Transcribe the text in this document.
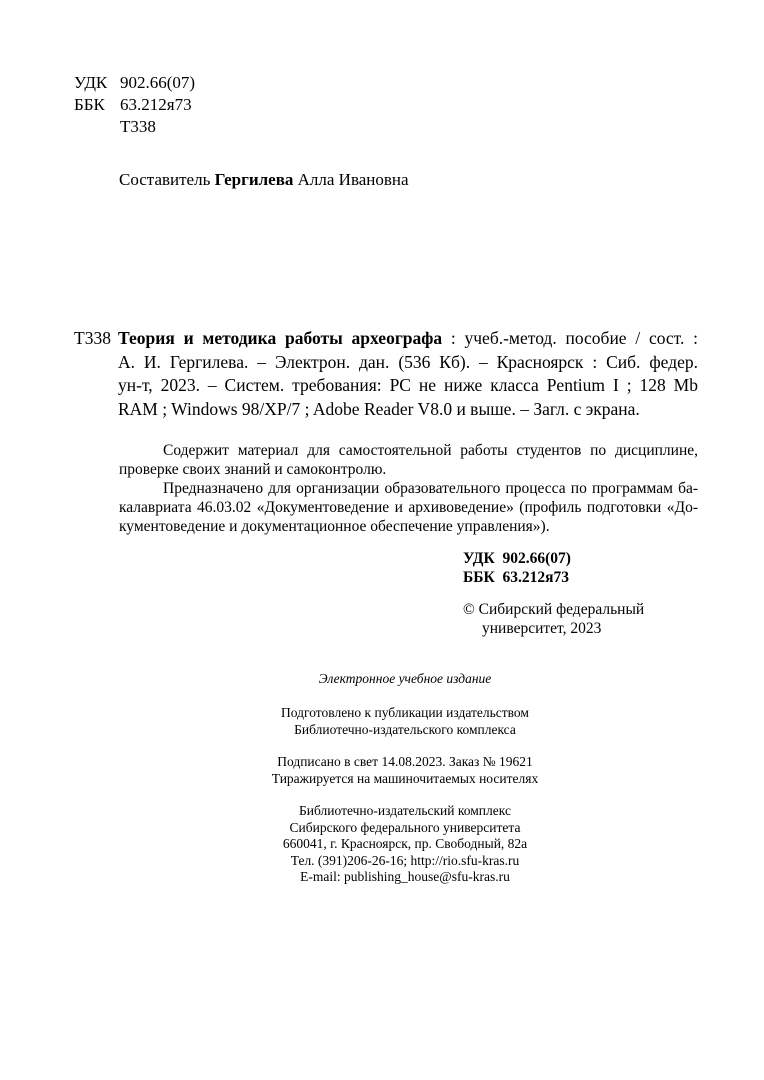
УДК 902.66(07)
ББК 63.212я73
Т338
Составитель Гергилева Алла Ивановна
Т338 Теория и методика работы археографа : учеб.-метод. пособие / сост. :
А. И. Гергилева. – Электрон. дан. (536 Кб). – Красноярск : Сиб. федер.
ун-т, 2023. – Систем. требования: PC не ниже класса Pentium I ; 128 Mb
RAM ; Windows 98/XP/7 ; Adobe Reader V8.0 и выше. – Загл. с экрана.
Содержит материал для самостоятельной работы студентов по дисциплине,
проверке своих знаний и самоконтролю.
Предназначено для организации образовательного процесса по программам ба-
калавриата 46.03.02 «Документоведение и архивоведение» (профиль подготовки «До-
кументоведение и документационное обеспечение управления»).
УДК  902.66(07)
ББК  63.212я73
© Сибирский федеральный
университет, 2023
Электронное учебное издание
Подготовлено к публикации издательством
Библиотечно-издательского комплекса
Подписано в свет 14.08.2023. Заказ № 19621
Тиражируется на машиночитаемых носителях
Библиотечно-издательский комплекс
Сибирского федерального университета
660041, г. Красноярск, пр. Свободный, 82а
Тел. (391)206-26-16; http://rio.sfu-kras.ru
E-mail: publishing_house@sfu-kras.ru
